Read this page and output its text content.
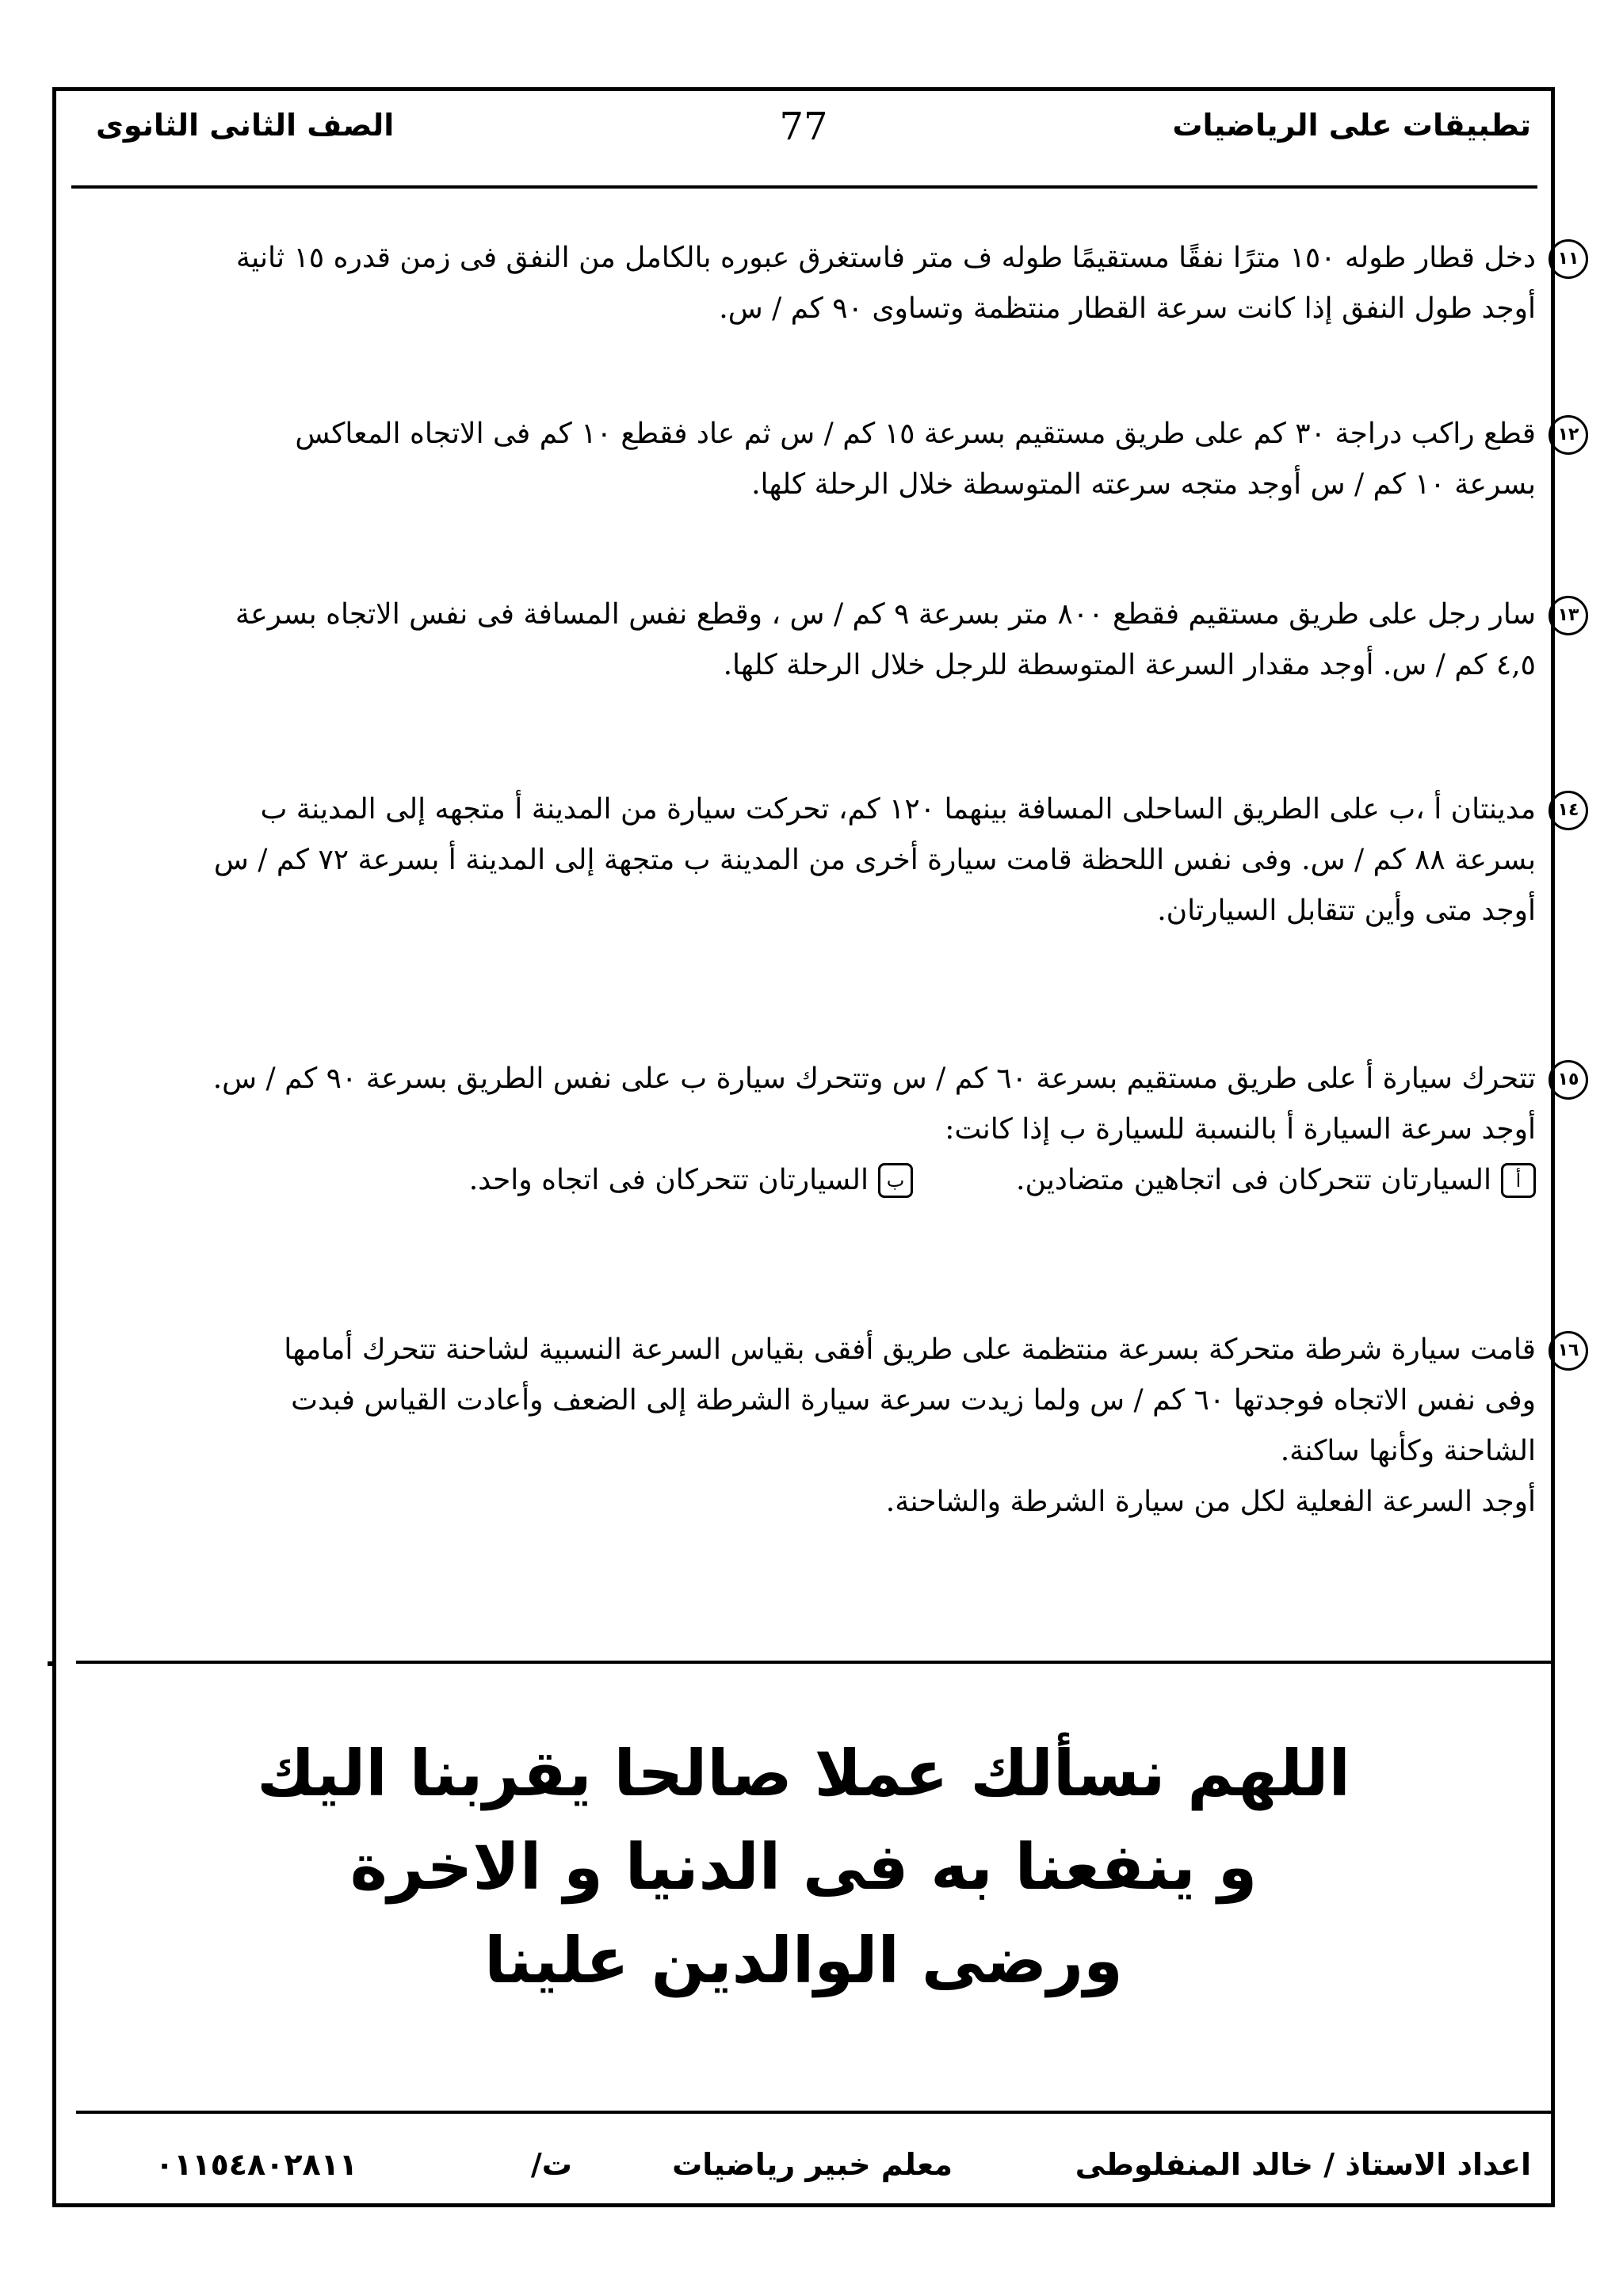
تطبيقات على الرياضيات
77
الصف الثانى الثانوى
١١

دخل قطار طوله ١٥٠ مترًا نفقًا مستقيمًا طوله ف متر فاستغرق عبوره بالكامل من النفق فى زمن قدره ١٥ ثانية

أوجد طول النفق إذا كانت سرعة القطار منتظمة وتساوى ٩٠ كم / س.

١٢

قطع راكب دراجة ٣٠ كم على طريق مستقيم بسرعة ١٥ كم / س ثم عاد فقطع ١٠ كم فى الاتجاه المعاكس

بسرعة ١٠ كم / س أوجد متجه سرعته المتوسطة خلال الرحلة كلها.

١٣

سار رجل على طريق مستقيم فقطع ٨٠٠ متر بسرعة ٩ كم / س ، وقطع نفس المسافة فى نفس الاتجاه بسرعة

٤,٥ كم / س. أوجد مقدار السرعة المتوسطة للرجل خلال الرحلة كلها.

١٤

مدينتان أ ،ب على الطريق الساحلى المسافة بينهما ١٢٠ كم، تحركت سيارة من المدينة أ متجهه إلى المدينة ب

بسرعة ٨٨ كم / س. وفى نفس اللحظة قامت سيارة أخرى من المدينة ب متجهة إلى المدينة أ بسرعة ٧٢ كم / س

أوجد متى وأين تتقابل السيارتان.

١٥

تتحرك سيارة أ على طريق مستقيم بسرعة ٦٠ كم / س وتتحرك سيارة ب على نفس الطريق بسرعة ٩٠ كم / س.

أوجد سرعة السيارة أ بالنسبة للسيارة ب إذا كانت:

أ
السيارتان تتحركان فى اتجاهين متضادين.
ب
السيارتان تتحركان فى اتجاه واحد.
١٦

قامت سيارة شرطة متحركة بسرعة منتظمة على طريق أفقى بقياس السرعة النسبية لشاحنة تتحرك أمامها

وفى نفس الاتجاه فوجدتها ٦٠ كم / س ولما زيدت سرعة سيارة الشرطة إلى الضعف وأعادت القياس فبدت

الشاحنة وكأنها ساكنة.

أوجد السرعة الفعلية لكل من سيارة الشرطة والشاحنة.

اللهم نسألك عملا صالحا يقربنا اليك

و ينفعنا به فى الدنيا و الاخرة

ورضى الوالدين علينا

اعداد الاستاذ / خالد المنفلوطى
معلم خبير رياضيات
ت/
٠١١٥٤٨٠٢٨١١
